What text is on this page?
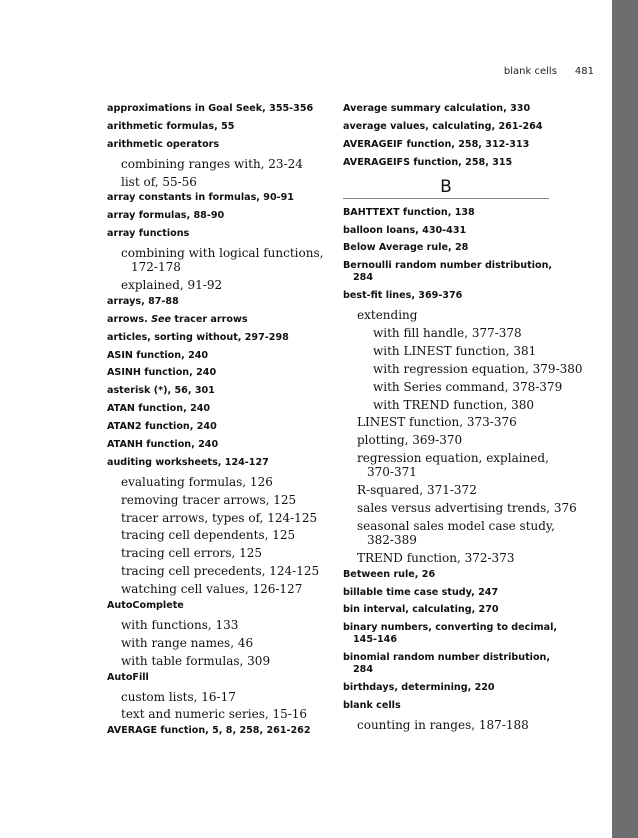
blank cells 481
approximations in Goal Seek, 355-356
arithmetic formulas, 55
arithmetic operators
combining ranges with, 23-24
list of, 55-56
array constants in formulas, 90-91
array formulas, 88-90
array functions
combining with logical functions,
172-178
explained, 91-92
arrays, 87-88
arrows. See tracer arrows
articles, sorting without, 297-298
ASIN function, 240
ASINH function, 240
asterisk (*), 56, 301
ATAN function, 240
ATAN2 function, 240
ATANH function, 240
auditing worksheets, 124-127
evaluating formulas, 126
removing tracer arrows, 125
tracer arrows, types of, 124-125
tracing cell dependents, 125
tracing cell errors, 125
tracing cell precedents, 124-125
watching cell values, 126-127
AutoComplete
with functions, 133
with range names, 46
with table formulas, 309
AutoFill
custom lists, 16-17
text and numeric series, 15-16
AVERAGE function, 5, 8, 258, 261-262
Average summary calculation, 330
average values, calculating, 261-264
AVERAGEIF function, 258, 312-313
AVERAGEIFS function, 258, 315
B
BAHTTEXT function, 138
balloon loans, 430-431
Below Average rule, 28
Bernoulli random number distribution,
284
best-fit lines, 369-376
extending
with fill handle, 377-378
with LINEST function, 381
with regression equation, 379-380
with Series command, 378-379
with TREND function, 380
LINEST function, 373-376
plotting, 369-370
regression equation, explained,
370-371
R-squared, 371-372
sales versus advertising trends, 376
seasonal sales model case study,
382-389
TREND function, 372-373
Between rule, 26
billable time case study, 247
bin interval, calculating, 270
binary numbers, converting to decimal,
145-146
binomial random number distribution,
284
birthdays, determining, 220
blank cells
counting in ranges, 187-188
